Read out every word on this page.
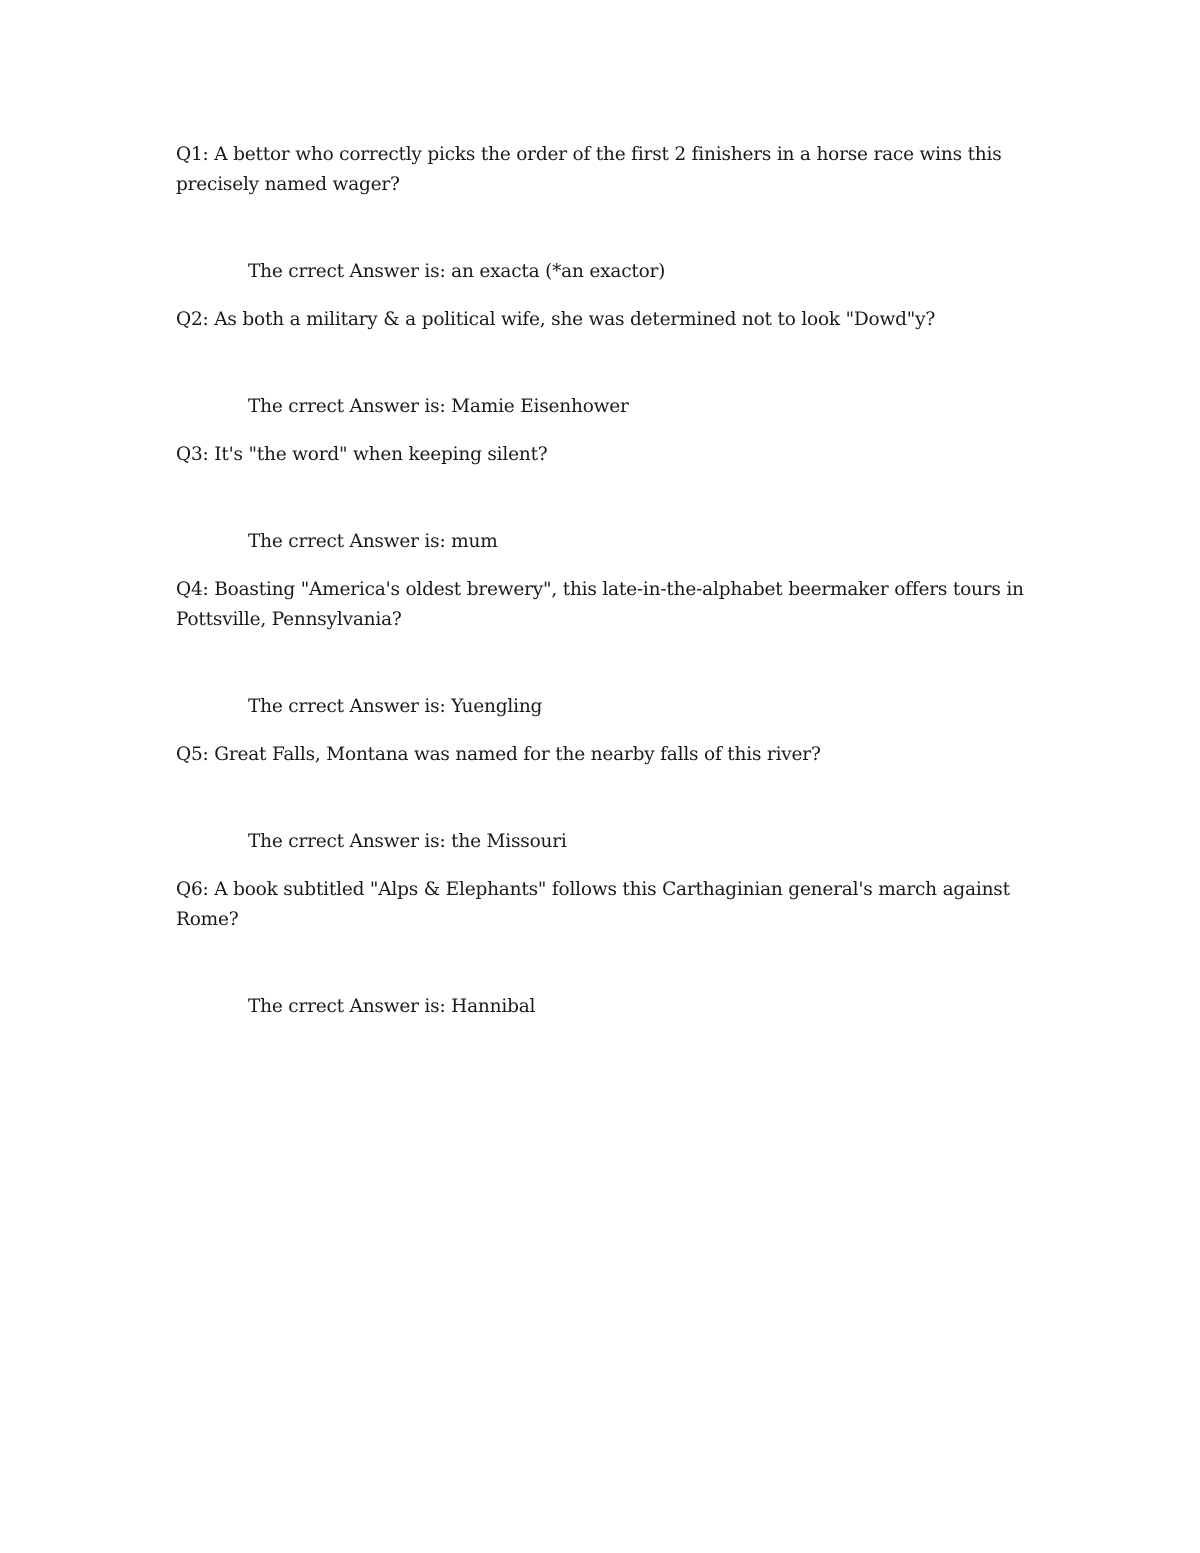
Q1: A bettor who correctly picks the order of the first 2 finishers in a horse race wins this precisely named wager?

The crrect Answer is: an exacta (*an exactor)

Q2: As both a military & a political wife, she was determined not to look "Dowd"y?

The crrect Answer is: Mamie Eisenhower

Q3: It's "the word" when keeping silent?

The crrect Answer is: mum

Q4: Boasting "America's oldest brewery", this late-in-the-alphabet beermaker offers tours in Pottsville, Pennsylvania?

The crrect Answer is: Yuengling

Q5: Great Falls, Montana was named for the nearby falls of this river?

The crrect Answer is: the Missouri

Q6: A book subtitled "Alps & Elephants" follows this Carthaginian general's march against Rome?

The crrect Answer is: Hannibal
